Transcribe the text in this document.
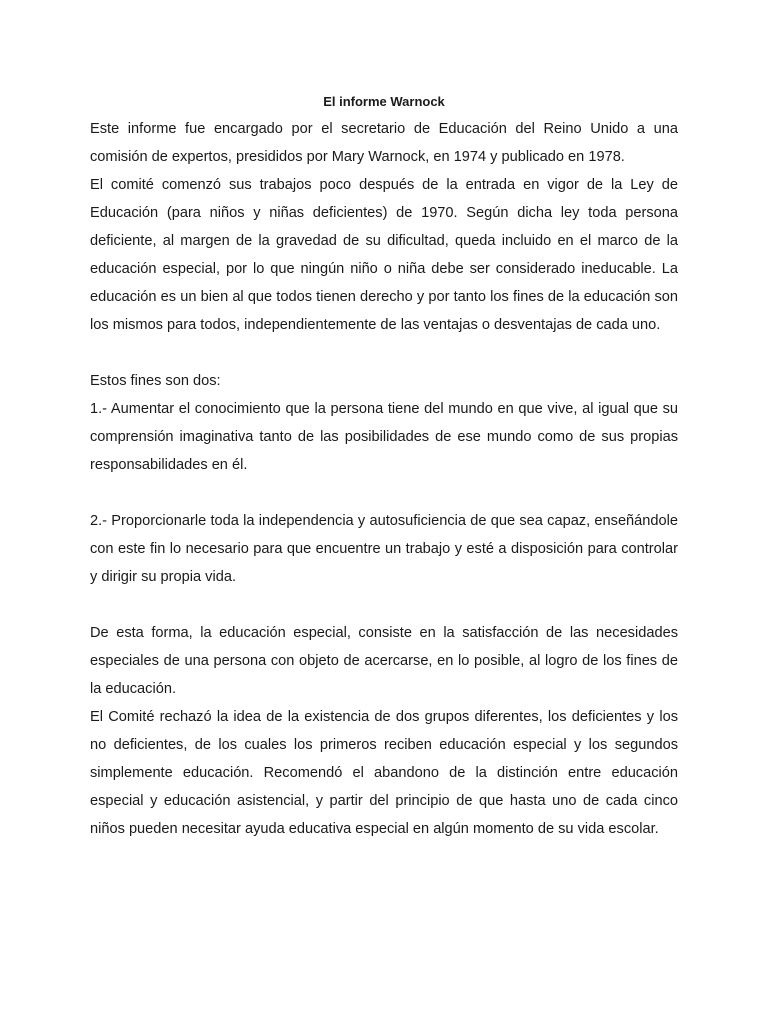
El informe Warnock

Este informe fue encargado por el secretario de Educación del Reino Unido a una comisión de expertos, presididos por Mary Warnock, en 1974 y publicado en 1978.

El comité comenzó sus trabajos poco después de la entrada en vigor de la Ley de Educación (para niños y niñas deficientes) de 1970. Según dicha ley toda persona deficiente, al margen de la gravedad de su dificultad, queda incluido en el marco de la educación especial, por lo que ningún niño o niña debe ser considerado ineducable. La educación es un bien al que todos tienen derecho y por tanto los fines de la educación son los mismos para todos, independientemente de las ventajas o desventajas de cada uno.

Estos fines son dos:

1.- Aumentar el conocimiento que la persona tiene del mundo en que vive, al igual que su comprensión imaginativa tanto de las posibilidades de ese mundo como de sus propias responsabilidades en él.

2.- Proporcionarle toda la independencia y autosuficiencia de que sea capaz, enseñándole con este fin lo necesario para que encuentre un trabajo y esté a disposición para controlar y dirigir su propia vida.

De esta forma, la educación especial, consiste en la satisfacción de las necesidades especiales de una persona con objeto de acercarse, en lo posible, al logro de los fines de la educación.

El Comité rechazó la idea de la existencia de dos grupos diferentes, los deficientes y los no deficientes, de los cuales los primeros reciben educación especial y los segundos simplemente educación. Recomendó el abandono de la distinción entre educación especial y educación asistencial, y partir del principio de que hasta uno de cada cinco niños pueden necesitar ayuda educativa especial en algún momento de su vida escolar.
